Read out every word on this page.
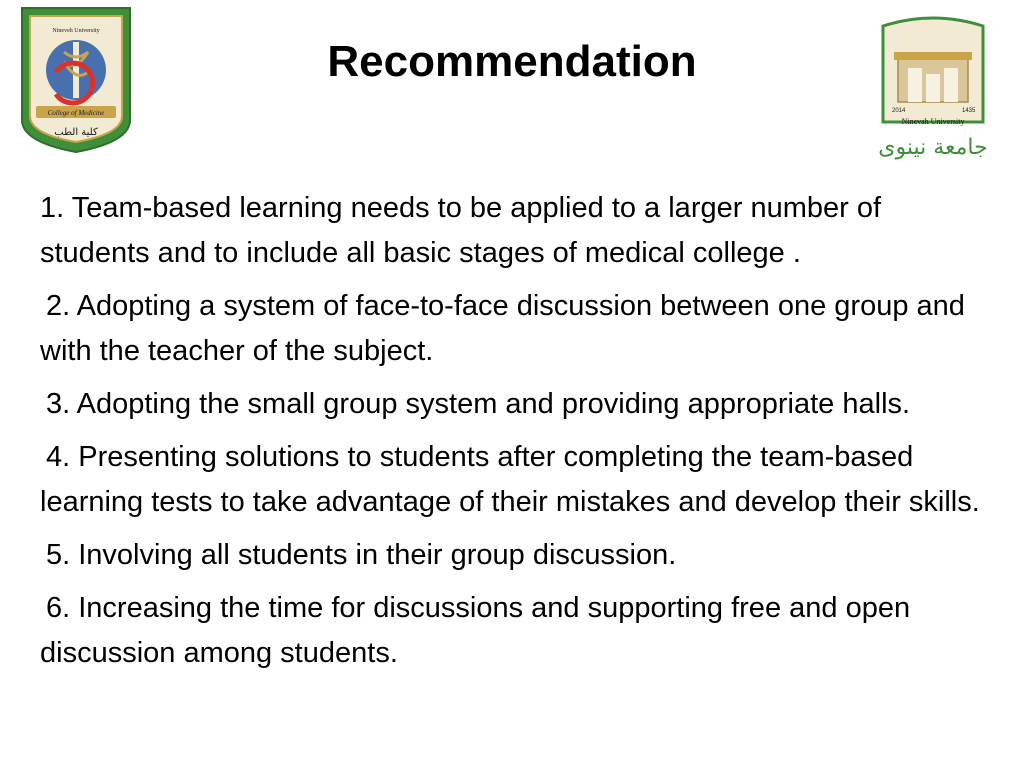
College of Medicine
Nineveh University
كلية الطب
2014	1435
Ninevah University
جامعة نينوى
Recommendation

1. Team-based learning needs to be applied to a larger number of students and to include all basic stages of medical college .

2. Adopting a system of face-to-face discussion between one group and with the teacher of the subject.

3. Adopting the small group system and providing appropriate halls.

4. Presenting solutions to students after completing the team-based learning tests to take advantage of their mistakes and develop their skills.

5. Involving all students in their group discussion.

6. Increasing the time for discussions and supporting free and open discussion among students.
